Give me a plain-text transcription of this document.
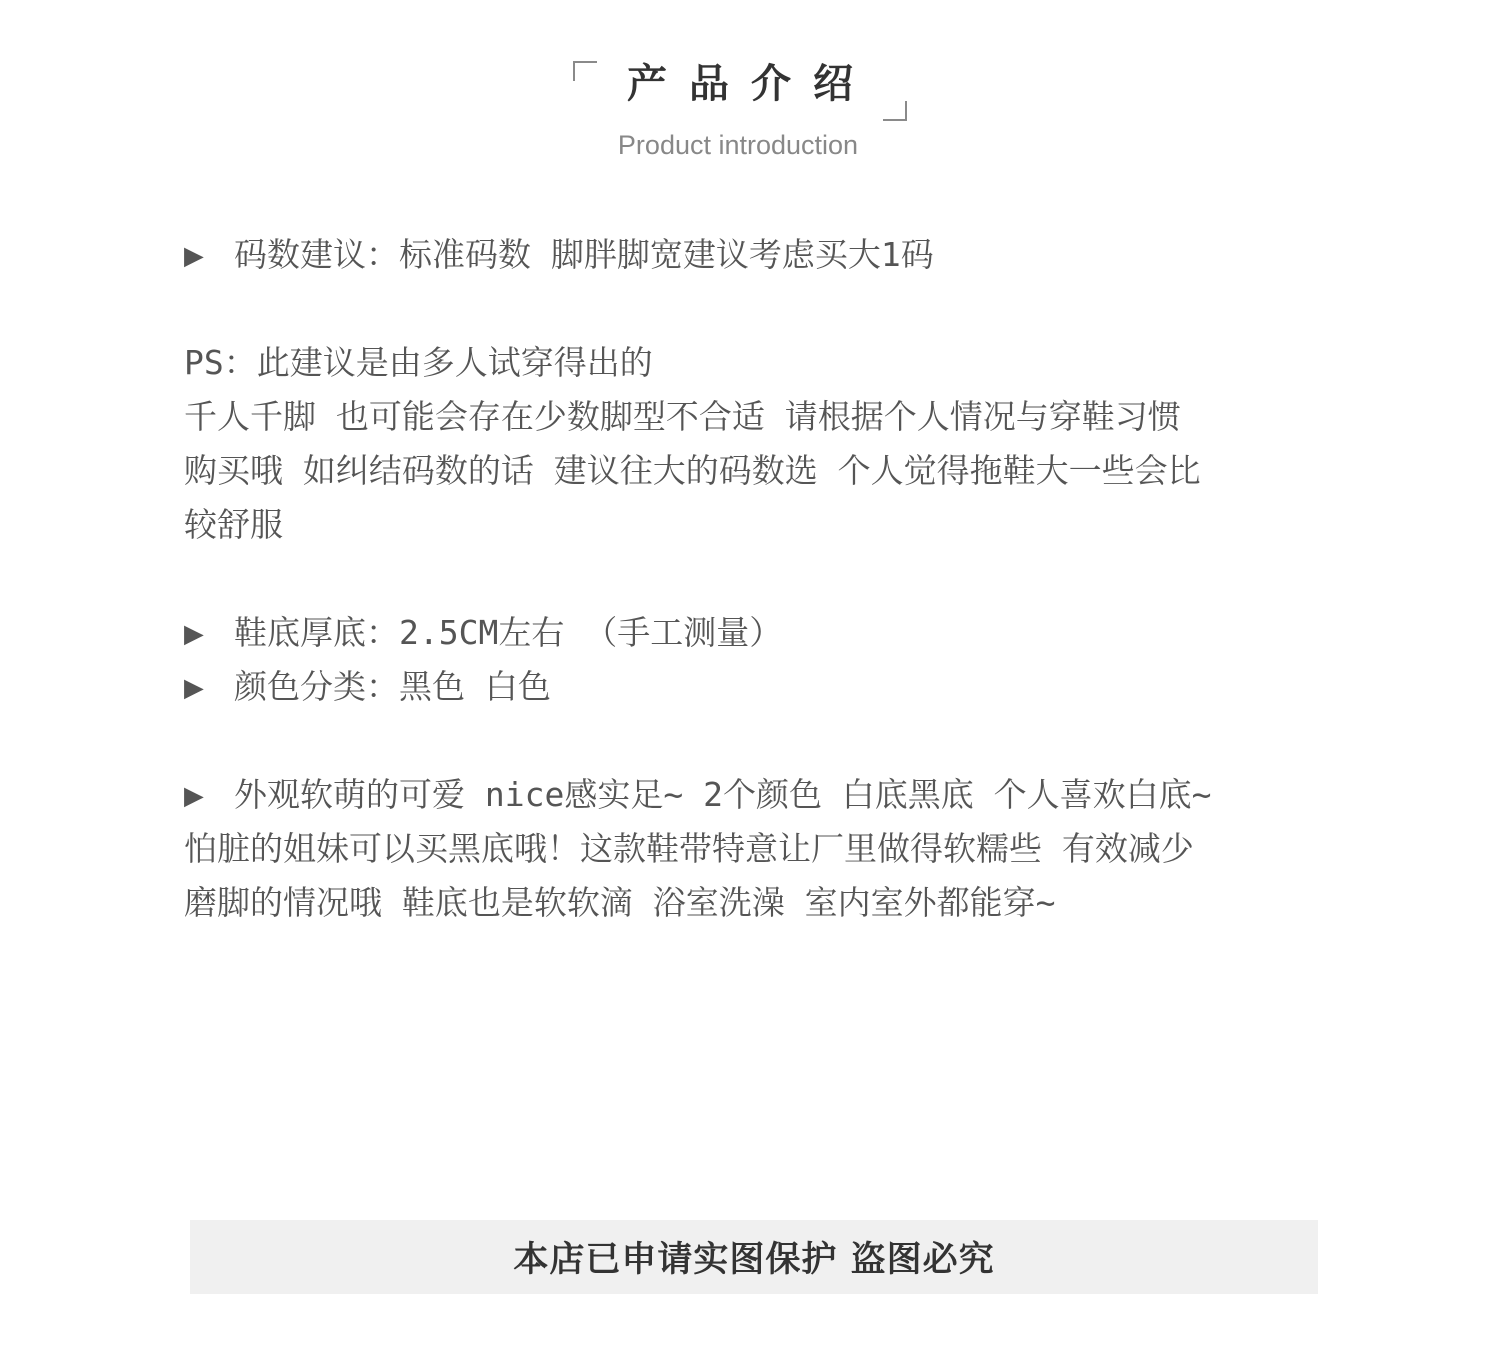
产品介绍
Product introduction
▶ 码数建议：标准码数 脚胖脚宽建议考虑买大1码
PS：此建议是由多人试穿得出的
千人千脚 也可能会存在少数脚型不合适 请根据个人情况与穿鞋习惯
购买哦 如纠结码数的话 建议往大的码数选 个人觉得拖鞋大一些会比
较舒服
▶ 鞋底厚底：2.5CM左右 （手工测量）
▶ 颜色分类：黑色 白色
▶ 外观软萌的可爱 nice感实足~ 2个颜色 白底黑底 个人喜欢白底~
怕脏的姐妹可以买黑底哦！这款鞋带特意让厂里做得软糯些 有效减少
磨脚的情况哦 鞋底也是软软滴 浴室洗澡 室内室外都能穿~
本店已申请实图保护 盗图必究
